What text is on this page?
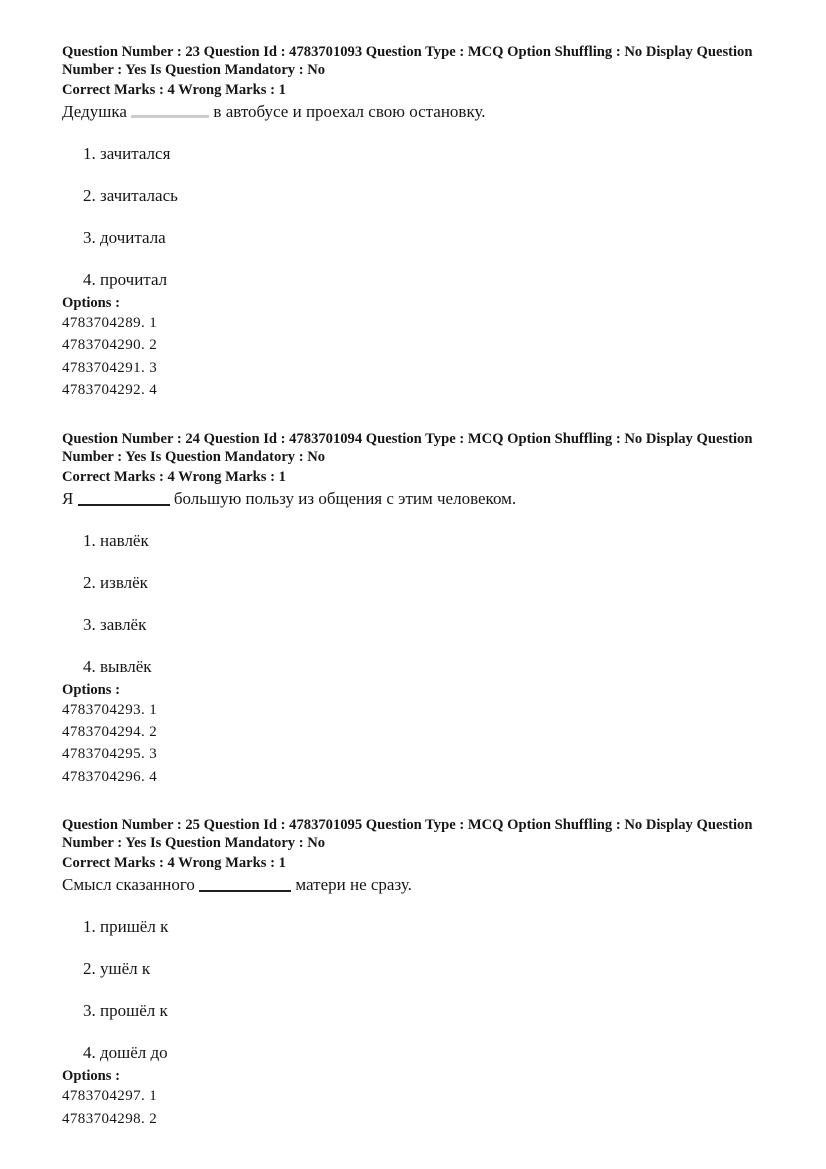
Question Number : 23 Question Id : 4783701093 Question Type : MCQ Option Shuffling : No Display Question
Number : Yes Is Question Mandatory : No
Correct Marks : 4 Wrong Marks : 1
Дедушка	в автобусе и проехал свою остановку.
1. зачитался
2. зачиталась
3. дочитала
4. прочитал
Options :
4783704289. 1
4783704290. 2
4783704291. 3
4783704292. 4
Question Number : 24 Question Id : 4783701094 Question Type : MCQ Option Shuffling : No Display Question
Number : Yes Is Question Mandatory : No
Correct Marks : 4 Wrong Marks : 1
Я	большую пользу из общения с этим человеком.
1. навлёк
2. извлёк
3. завлёк
4. вывлёк
Options :
4783704293. 1
4783704294. 2
4783704295. 3
4783704296. 4
Question Number : 25 Question Id : 4783701095 Question Type : MCQ Option Shuffling : No Display Question
Number : Yes Is Question Mandatory : No
Correct Marks : 4 Wrong Marks : 1
Смысл сказанного	матери не сразу.
1. пришёл к
2. ушёл к
3. прошёл к
4. дошёл до
Options :
4783704297. 1
4783704298. 2
